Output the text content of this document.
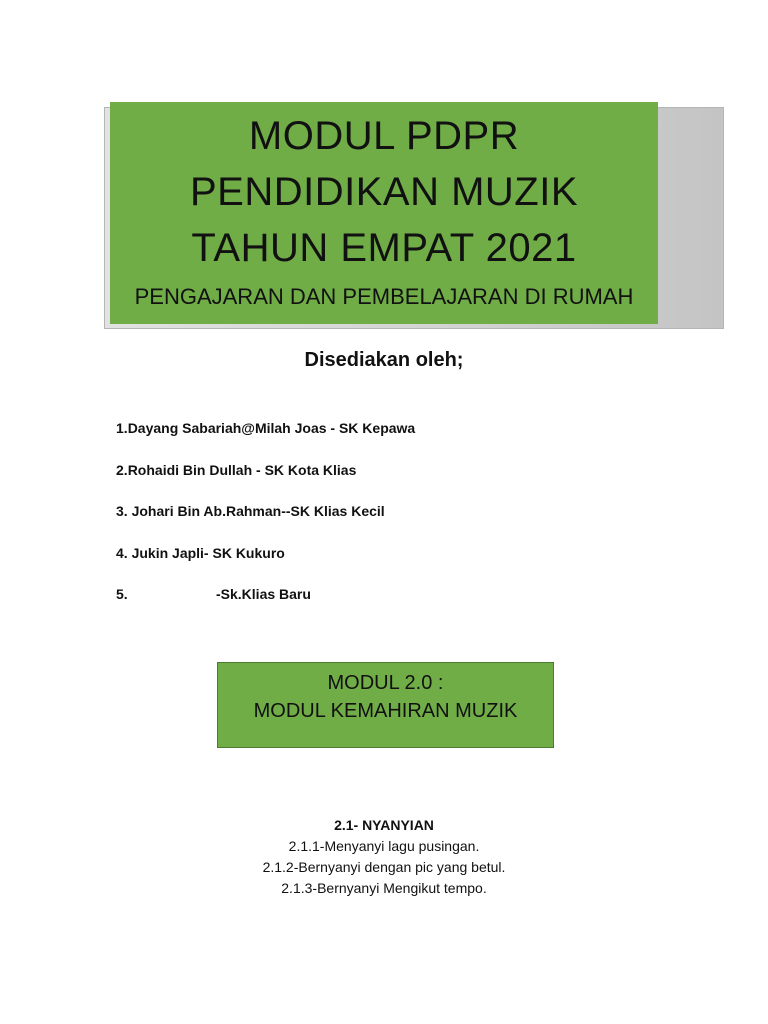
MODUL PDPR
PENDIDIKAN MUZIK
TAHUN EMPAT 2021
PENGAJARAN DAN PEMBELAJARAN DI RUMAH
Disediakan oleh;
1.Dayang Sabariah@Milah Joas - SK Kepawa
2.Rohaidi Bin Dullah - SK Kota Klias
3. Johari Bin Ab.Rahman--SK Klias Kecil
4. Jukin Japli- SK Kukuro
5.	-Sk.Klias Baru
MODUL 2.0 :
MODUL KEMAHIRAN MUZIK
2.1- NYANYIAN
2.1.1-Menyanyi lagu pusingan.
2.1.2-Bernyanyi dengan pic yang betul.
2.1.3-Bernyanyi Mengikut tempo.
